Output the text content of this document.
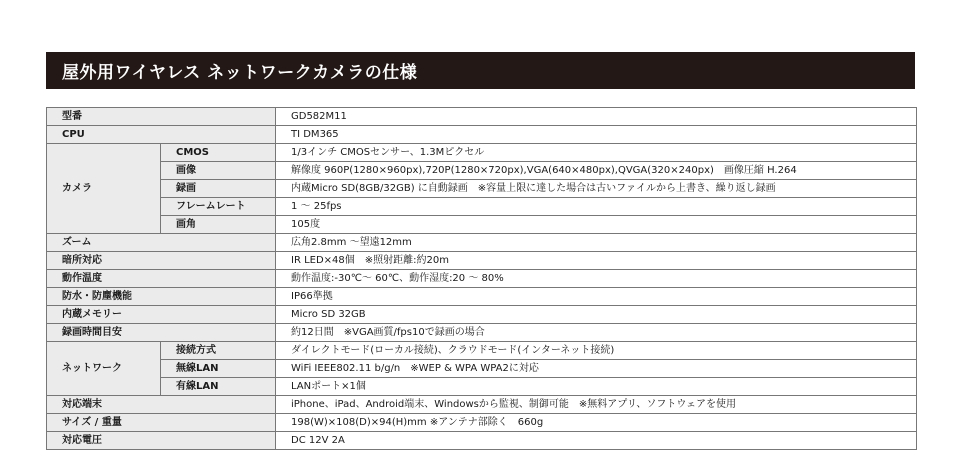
屋外用ワイヤレス ネットワークカメラの仕様
型番		GD582M11
CPU		TI DM365
カメラ	CMOS	1/3インチ CMOSセンサー、1.3Mピクセル
	画像	解像度 960P(1280×960px),720P(1280×720px),VGA(640×480px),QVGA(320×240px)　画像圧縮 H.264
	録画	内蔵Micro SD(8GB/32GB) に自動録画　※容量上限に達した場合は古いファイルから上書き、繰り返し録画
	フレームレート	1 ～ 25fps
	画角	105度
ズーム		広角2.8mm ～望遠12mm
暗所対応		IR LED×48個　※照射距離:約20m
動作温度		動作温度:-30℃～ 60℃、動作湿度:20 ～ 80%
防水・防塵機能		IP66準拠
内蔵メモリー		Micro SD 32GB
録画時間目安		約12日間　※VGA画質/fps10で録画の場合
ネットワーク	接続方式	ダイレクトモード(ローカル接続)、クラウドモード(インターネット接続)
	無線LAN	WiFi IEEE802.11 b/g/n　※WEP & WPA WPA2に対応
	有線LAN	LANポート×1個
対応端末		iPhone、iPad、Android端末、Windowsから監視、制御可能　※無料アプリ、ソフトウェアを使用
サイズ / 重量		198(W)×108(D)×94(H)mm ※アンテナ部除く　660g
対応電圧		DC 12V 2A
